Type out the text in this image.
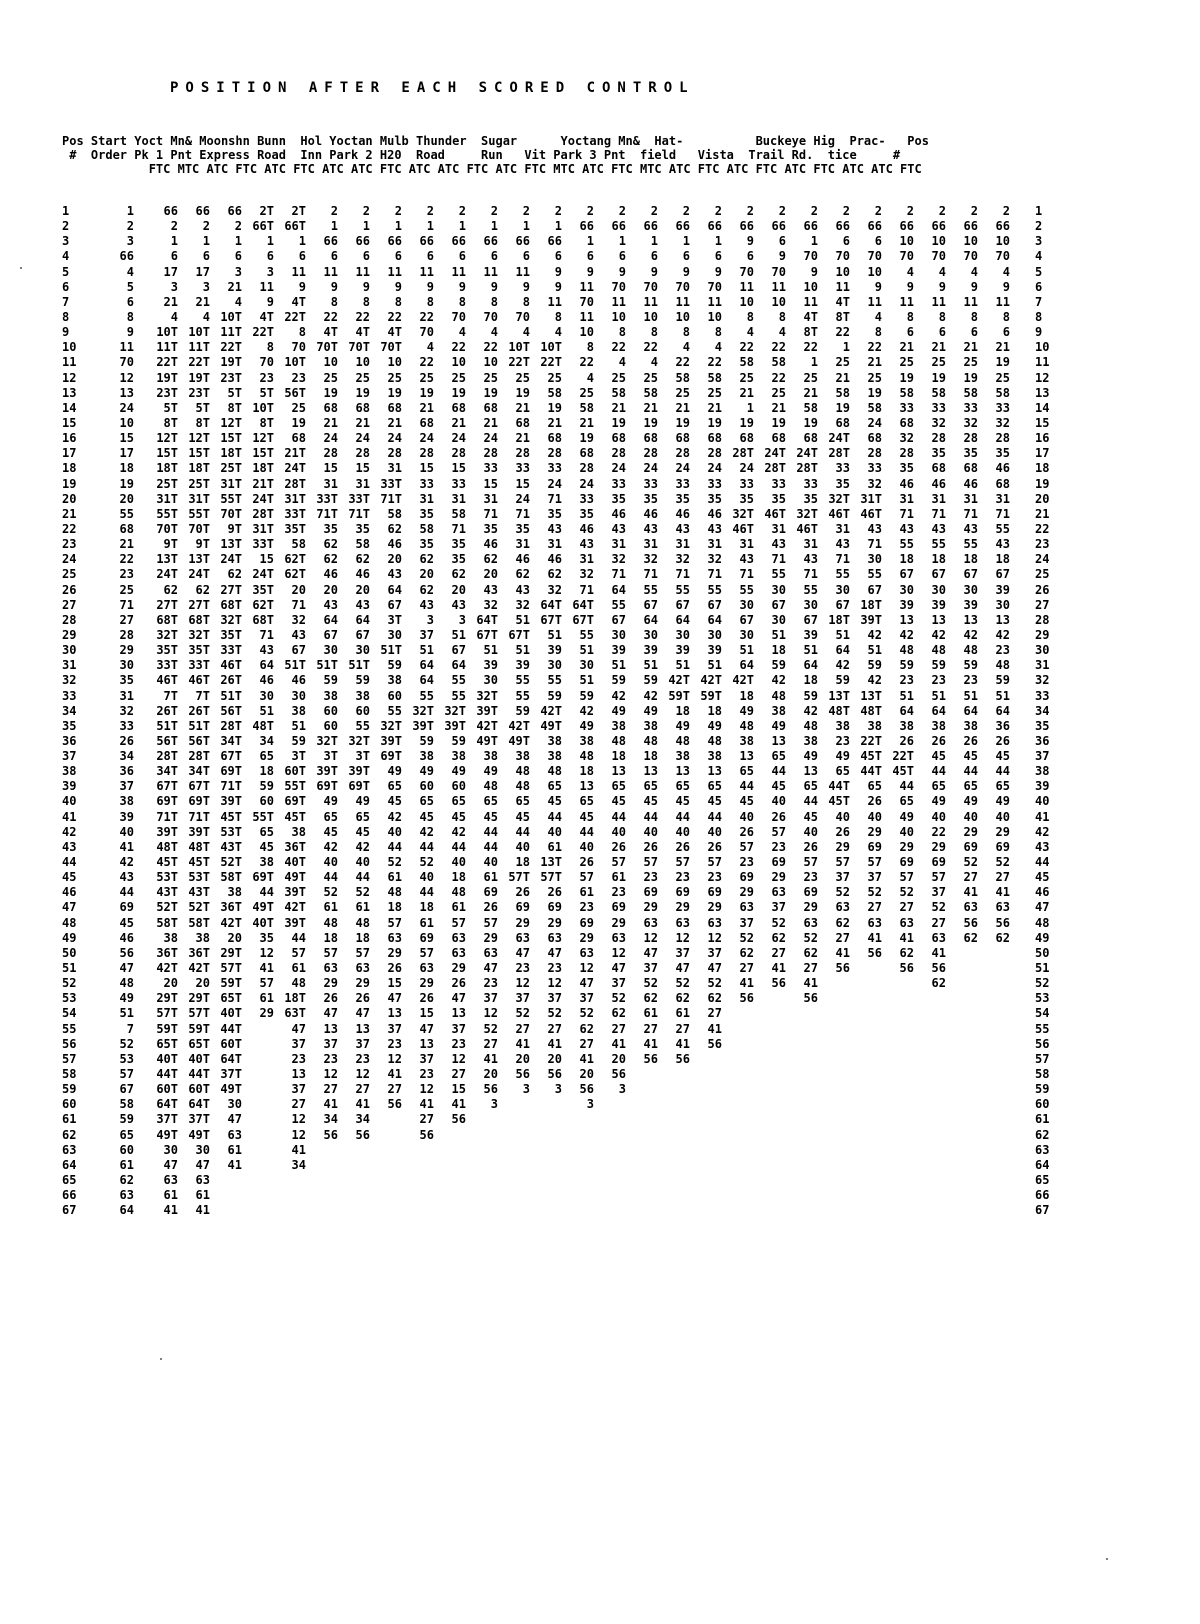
POSITION AFTER EACH SCORED CONTROL
Pos Start Yoct Mn& Moonshn Bunn  Hol Yoctan Mulb Thunder  Sugar      Yoctang Mn&  Hat-          Buckeye Hig  Prac-   Pos
#  Order Pk 1 Pnt Express Road  Inn Park 2 H20  Road     Run   Vit Park 3 Pnt  field   Vista  Trail Rd.  tice     #
FTC MTC ATC FTC ATC FTC ATC ATC FTC ATC ATC FTC ATC FTC MTC ATC FTC MTC ATC FTC ATC FTC ATC FTC ATC ATC FTC
1
2
3
4
5
6
7
8
9
10
11
12
13
14
15
16
17
18
19
20
21
22
23
24
25
26
27
28
29
30
31
32
33
34
35
36
37
38
39
40
41
42
43
44
45
46
47
48
49
50
51
52
53
54
55
56
57
58
59
60
61
62
63
64
65
66
67
1
2
3
66
4
5
6
8
9
11
70
12
13
24
10
15
17
18
19
20
55
68
21
22
23
25
71
27
28
29
30
35
31
32
33
26
34
36
37
38
39
40
41
42
43
44
69
45
46
56
47
48
49
51
7
52
53
57
67
58
59
65
60
61
62
63
64
66
2
1
6
17
3
21
4
10T
11T
22T
19T
23T
5T
8T
12T
15T
18T
25T
31T
55T
70T
9T
13T
24T
62
27T
68T
32T
35T
33T
46T
7T
26T
51T
56T
28T
34T
67T
69T
71T
39T
48T
45T
53T
43T
52T
58T
38
36T
42T
20
29T
57T
59T
65T
40T
44T
60T
64T
37T
49T
30
47
63
61
41
66
2
1
6
17
3
21
4
10T
11T
22T
19T
23T
5T
8T
12T
15T
18T
25T
31T
55T
70T
9T
13T
24T
62
27T
68T
32T
35T
33T
46T
7T
26T
51T
56T
28T
34T
67T
69T
71T
39T
48T
45T
53T
43T
52T
58T
38
36T
42T
20
29T
57T
59T
65T
40T
44T
60T
64T
37T
49T
30
47
63
61
41
66
2
1
6
3
21
4
10T
11T
22T
19T
23T
5T
8T
12T
15T
18T
25T
31T
55T
70T
9T
13T
24T
62
27T
68T
32T
35T
33T
46T
26T
51T
56T
28T
34T
67T
69T
71T
39T
45T
53T
43T
52T
58T
38
36T
42T
20
29T
57T
59T
65T
40T
44T
60T
64T
37T
49T
30
47
63
61
41
2T
66T
1
6
3
11
9
4T
22T
8
70
23
5T
10T
8T
12T
15T
18T
21T
24T
28T
31T
33T
15
24T
35T
62T
68T
71
43
64
46
30
51
48T
34
65
18
59
60
55T
65
45
38
69T
44
49T
40T
35
12
41
57
61
29
2T
66T
1
6
11
9
4T
22T
8
70
10T
23
56T
25
19
68
21T
24T
28T
31T
33T
35T
58
62T
62T
20
71
32
43
67
51T
46
30
38
51
59
3T
60T
55T
69T
45T
38
36T
40T
49T
39T
42T
39T
44
57
61
48
18T
63T
47
37
23
13
37
27
12
12
41
34
2
1
66
6
11
9
8
22
4T
70T
10
25
19
68
21
24
28
15
31
33T
71T
35
62
62
46
20
43
64
67
30
51T
59
38
60
60
32T
3T
39T
69T
49
65
45
42
40
44
52
61
48
18
57
63
29
26
47
13
37
23
12
27
41
34
56
2
1
66
6
11
9
8
22
4T
70T
10
25
19
68
21
24
28
15
31
33T
71T
35
58
62
46
20
43
64
67
30
51T
59
38
60
55
32T
3T
39T
69T
49
65
45
42
40
44
52
61
48
18
57
63
29
26
47
13
37
23
12
27
41
34
56
2
1
66
6
11
9
8
22
4T
70T
10
25
19
68
21
24
28
31
33T
71T
58
62
46
20
43
64
67
3T
30
51T
59
38
60
55
32T
39T
69T
49
65
45
42
40
44
52
61
48
18
57
63
29
26
15
47
13
37
23
12
41
27
56
2
1
66
6
11
9
8
22
70
4
22
25
19
21
68
24
28
15
33
31
35
58
35
62
20
62
43
3
37
51
64
64
55
32T
39T
59
38
49
60
65
45
42
44
52
40
44
18
61
69
57
63
29
26
15
47
13
37
23
12
41
27
56
2
1
66
6
11
9
8
70
4
22
10
25
19
68
21
24
28
15
33
31
58
71
35
35
62
20
43
3
51
67
64
55
55
32T
39T
59
38
49
60
65
45
42
44
40
18
48
61
57
63
63
29
26
47
13
37
23
12
27
15
41
56
2
1
66
6
11
9
8
70
4
22
10
25
19
68
21
24
28
33
15
31
71
35
46
62
20
43
32
64T
67T
51
39
30
32T
39T
42T
49T
38
49
48
65
45
44
44
40
61
69
26
57
29
63
47
23
37
12
52
27
41
20
56
3
2
1
66
6
11
9
8
70
4
10T
22T
25
19
21
68
21
28
33
15
24
71
35
31
46
62
43
32
51
67T
51
39
55
55
59
42T
49T
38
48
48
65
45
44
40
18
57T
26
69
29
63
47
23
12
37
52
27
41
20
56
3
2
1
66
6
9
9
11
8
4
10T
22T
25
58
19
21
68
28
33
24
71
35
43
31
46
62
32
64T
67T
51
39
30
55
59
42T
49T
38
38
48
65
45
44
40
61
13T
57T
26
69
29
63
47
23
12
37
52
27
41
20
56
3
2
66
1
6
9
11
70
11
10
8
22
4
25
58
21
19
68
28
24
33
35
46
43
31
32
71
64T
67T
55
51
30
51
59
42
49
38
48
18
13
65
45
44
40
26
57
61
23
69
29
63
12
47
37
52
62
27
41
20
56
3
2
66
1
6
9
70
11
10
8
22
4
25
58
21
19
68
28
24
33
35
46
43
31
32
71
64
55
67
30
39
51
59
42
49
38
48
18
13
65
45
44
40
26
57
61
23
69
29
63
12
47
37
52
62
27
41
20
56
3
2
66
1
6
9
70
11
10
8
22
4
25
58
21
19
68
28
24
33
35
46
43
31
32
71
55
67
64
30
39
51
59
42
49
38
48
18
13
65
45
44
40
26
57
23
69
29
63
12
47
37
52
62
61
27
41
56
2
66
1
6
9
70
11
10
8
4
22
58
25
21
19
68
28
24
33
35
46
43
31
32
71
55
67
64
30
39
51
42T
59T
18
49
48
38
13
65
45
44
40
26
57
23
69
29
63
12
37
47
52
62
61
27
41
56
2
66
1
6
9
70
11
10
8
4
22
58
25
21
19
68
28
24
33
35
46
43
31
32
71
55
67
64
30
39
51
42T
59T
18
49
48
38
13
65
45
44
40
26
57
23
69
29
63
12
37
47
52
62
27
41
56
2
66
9
6
70
11
10
8
4
22
58
25
21
1
19
68
28T
24
33
35
32T
46T
31
43
71
55
30
67
30
51
64
42T
18
49
48
38
13
65
44
45
40
26
57
23
69
29
63
37
52
62
27
41
56
2
66
6
9
70
11
10
8
4
22
58
22
25
21
19
68
24T
28T
33
35
46T
31
43
71
55
30
67
30
51
18
59
42
48
38
49
13
65
44
45
40
26
57
23
69
29
63
37
52
62
27
41
56
2
66
1
70
9
10
11
4T
8T
22
1
25
21
58
19
68
24T
28T
33
35
32T
46T
31
43
71
55
30
67
39
51
64
18
59
42
48
38
49
13
65
44
45
40
26
57
23
69
29
63
52
62
27
41
56
2
66
6
70
10
11
4T
8T
22
1
25
21
58
19
68
24T
28T
33
35
32T
46T
31
43
71
55
30
67
18T
51
64
42
59
13T
48T
38
23
49
65
44T
45T
40
26
29
57
37
52
63
62
27
41
56
2
66
6
70
10
9
11
4
8
22
21
25
19
58
24
68
28
33
32
31T
46T
43
71
30
55
67
18T
39T
42
51
59
42
13T
48T
38
22T
45T
44T
65
26
40
29
69
57
37
52
27
63
41
56
2
66
10
70
4
9
11
8
6
21
25
19
58
33
68
32
28
35
46
31
71
43
55
18
67
30
39
13
42
48
59
23
51
64
38
26
22T
45T
44
65
49
40
29
69
57
52
27
63
41
62
56
2
66
10
70
4
9
11
8
6
21
25
19
58
33
32
28
35
68
46
31
71
43
55
18
67
30
39
13
42
48
59
23
51
64
38
26
45
44
65
49
40
22
29
69
57
37
52
27
63
41
56
62
2
66
10
70
4
9
11
8
6
21
25
19
58
33
32
28
35
68
46
31
71
43
55
18
67
30
39
13
42
48
59
23
51
64
38
26
45
44
65
49
40
29
69
52
27
41
63
56
62
2
66
10
70
4
9
11
8
6
21
19
25
58
33
32
28
35
46
68
31
71
55
43
18
67
39
30
13
42
23
48
59
51
64
36
26
45
44
65
49
40
29
69
52
27
41
63
56
62
1
2
3
4
5
6
7
8
9
10
11
12
13
14
15
16
17
18
19
20
21
22
23
24
25
26
27
28
29
30
31
32
33
34
35
36
37
38
39
40
41
42
43
44
45
46
47
48
49
50
51
52
53
54
55
56
57
58
59
60
61
62
63
64
65
66
67
